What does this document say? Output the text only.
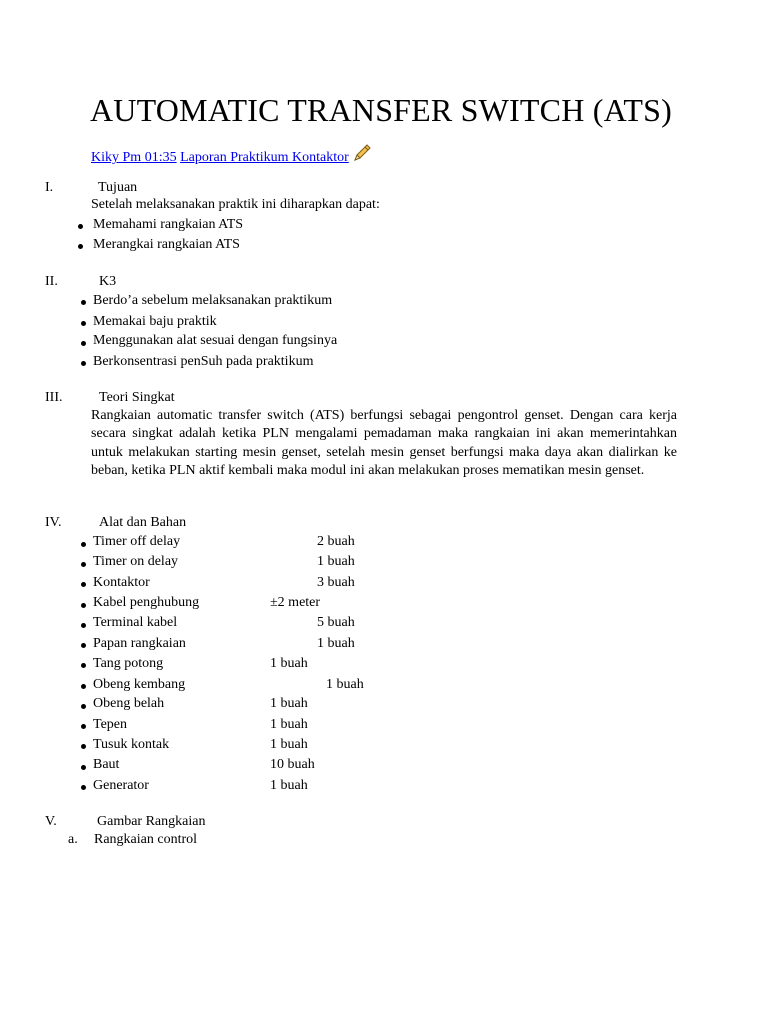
AUTOMATIC TRANSFER SWITCH (ATS)
Kiky Pm 01:35 Laporan Praktikum Kontaktor
I.	Tujuan
Setelah melaksanakan praktik ini diharapkan dapat:
Memahami rangkaian ATS
Merangkai rangkaian ATS
II.	K3
Berdo’a sebelum melaksanakan praktikum
Memakai baju praktik
Menggunakan alat sesuai dengan fungsinya
Berkonsentrasi penSuh pada praktikum
III.	Teori Singkat
Rangkaian automatic transfer switch (ATS) berfungsi sebagai pengontrol genset. Dengan cara kerja secara singkat adalah ketika PLN mengalami pemadaman maka rangkaian ini akan memerintahkan untuk melakukan starting mesin genset, setelah mesin genset berfungsi maka daya akan dialirkan ke beban, ketika PLN aktif kembali maka modul ini akan melakukan proses mematikan mesin genset.
IV.	Alat dan Bahan
Timer off delay	2 buah
Timer on delay	1 buah
Kontaktor	3 buah
Kabel penghubung	±2 meter
Terminal kabel	5 buah
Papan rangkaian	1 buah
Tang potong	1 buah
Obeng kembang	1 buah
Obeng belah	1 buah
Tepen	1 buah
Tusuk kontak	1 buah
Baut	10 buah
Generator	1 buah
V.	Gambar Rangkaian
a. Rangkaian control
